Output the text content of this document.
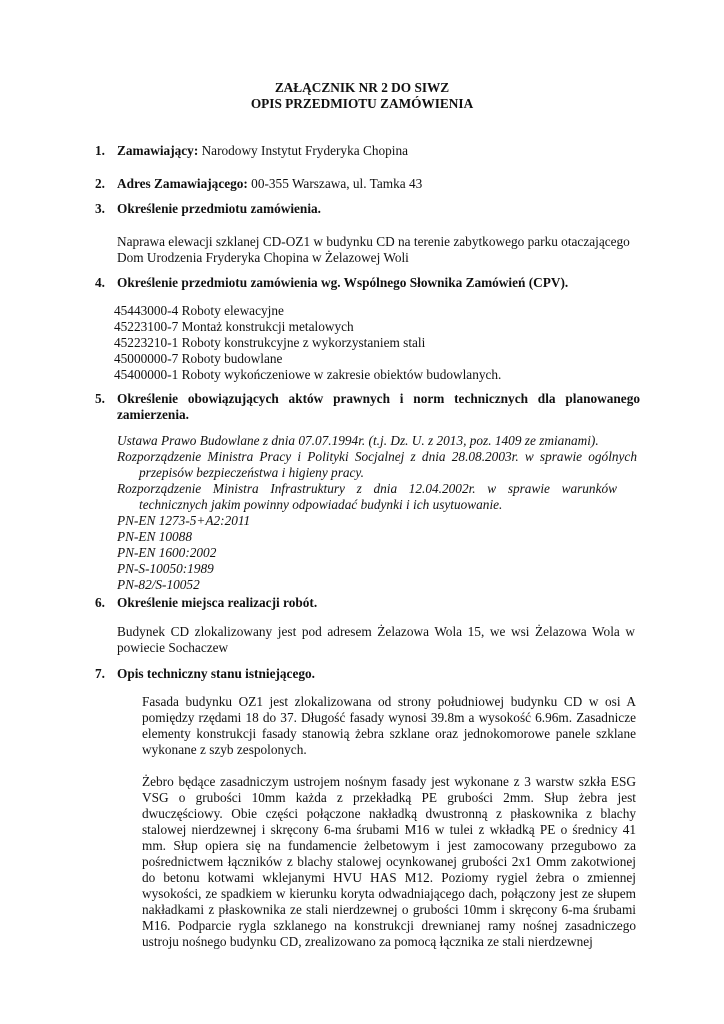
ZAŁĄCZNIK NR 2 DO SIWZ
OPIS PRZEDMIOTU ZAMÓWIENIA
1. Zamawiający: Narodowy Instytut Fryderyka Chopina
2. Adres Zamawiającego: 00-355 Warszawa, ul. Tamka 43
3. Określenie przedmiotu zamówienia.
Naprawa elewacji szklanej CD-OZ1 w budynku CD na terenie zabytkowego parku otaczającego Dom Urodzenia Fryderyka Chopina w Żelazowej Woli
4. Określenie przedmiotu zamówienia wg. Wspólnego Słownika Zamówień (CPV).
45443000-4 Roboty elewacyjne
45223100-7 Montaż konstrukcji metalowych
45223210-1 Roboty konstrukcyjne z wykorzystaniem stali
45000000-7 Roboty budowlane
45400000-1 Roboty wykończeniowe w zakresie obiektów budowlanych.
5. Określenie obowiązujących aktów prawnych i norm technicznych dla planowanego zamierzenia.
Ustawa Prawo Budowlane z dnia 07.07.1994r. (t.j. Dz. U. z 2013, poz. 1409 ze zmianami).
Rozporządzenie Ministra Pracy i Polityki Socjalnej z dnia 28.08.2003r. w sprawie ogólnych przepisów bezpieczeństwa i higieny pracy.
Rozporządzenie Ministra Infrastruktury z dnia 12.04.2002r. w sprawie warunków technicznych jakim powinny odpowiadać budynki i ich usytuowanie.
PN-EN 1273-5+A2:2011
PN-EN 10088
PN-EN 1600:2002
PN-S-10050:1989
PN-82/S-10052
6. Określenie miejsca realizacji robót.
Budynek CD zlokalizowany jest pod adresem Żelazowa Wola 15, we wsi Żelazowa Wola w powiecie Sochaczew
7. Opis techniczny stanu istniejącego.
Fasada budynku OZ1 jest zlokalizowana od strony południowej budynku CD w osi A pomiędzy rzędami 18 do 37. Długość fasady wynosi 39.8m a wysokość 6.96m. Zasadnicze elementy konstrukcji fasady stanowią żebra szklane oraz jednokomorowe panele szklane wykonane z szyb zespolonych.
Żebro będące zasadniczym ustrojem nośnym fasady jest wykonane z 3 warstw szkła ESG VSG o grubości 10mm każda z przekładką PE grubości 2mm. Słup żebra jest dwuczęściowy. Obie części połączone nakładką dwustronną z płaskownika z blachy stalowej nierdzewnej i skręcony 6-ma śrubami M16 w tulei z wkładką PE o średnicy 41 mm. Słup opiera się na fundamencie żelbetowym i jest zamocowany przegubowo za pośrednictwem łączników z blachy stalowej ocynkowanej grubości 2x1 Omm zakotwionej do betonu kotwami wklejanymi HVU HAS M12. Poziomy rygiel żebra o zmiennej wysokości, ze spadkiem w kierunku koryta odwadniającego dach, połączony jest ze słupem nakładkami z płaskownika ze stali nierdzewnej o grubości 10mm i skręcony 6-ma śrubami M16. Podparcie rygla szklanego na konstrukcji drewnianej ramy nośnej zasadniczego ustroju nośnego budynku CD, zrealizowano za pomocą łącznika ze stali nierdzewnej
